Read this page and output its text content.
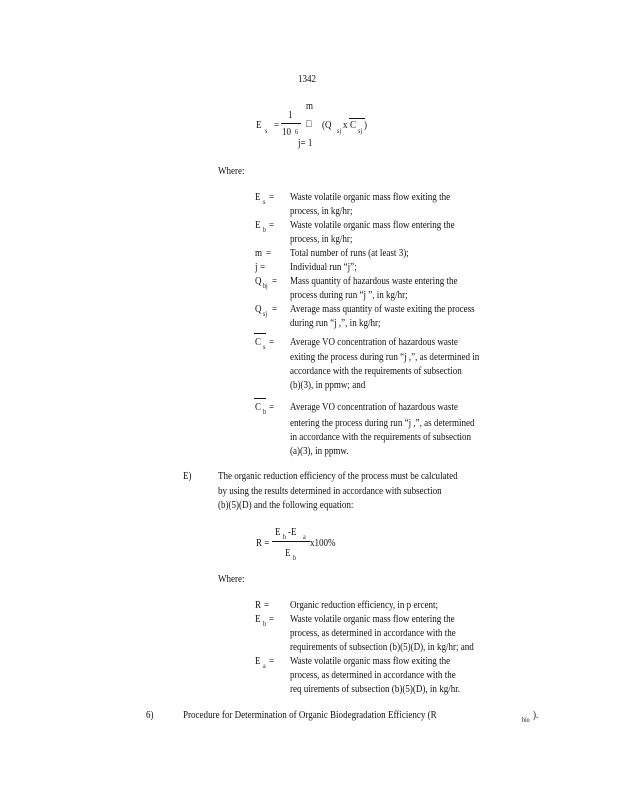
1342
m
E s =
1
10 6
□ (Q sj x C sj )
j= 1
Where:
E s = Waste volatile organic mass flow exiting the
process, in kg/hr;
E b = Waste volatile organic mass flow entering the
process, in kg/hr;
m = Total number of runs (at least 3);
j = Individual run “j”;
Q bj = Mass quantity of hazardous waste entering the
process during run “j ”, in kg/hr;
Q sj = Average mass quantity of waste exiting the process
during run “j ,”, in kg/hr;
C s = Average VO concentration of hazardous waste
exiting the process during run “j ,”, as determined in
accordance with the requirements of subsection
(b)(3), in ppmw; and
C b = Average VO concentration of hazardous waste
entering the process during run “j ,”, as determined
in accordance with the requirements of subsection
(a)(3), in ppmw.
E)	The organic reduction efficiency of the process must be calculated
by using the results determined in accordance with subsection
(b)(5)(D) and the following equation:
R =
E b -E a
x100%
E b
Where:
R = Organic reduction efficiency, in p ercent;
E b = Waste volatile organic mass flow entering the
process, as determined in accordance with the
requirements of subsection (b)(5)(D), in kg/hr; and
E a = Waste volatile organic mass flow exiting the
process, as determined in accordance with the
req uirements of subsection (b)(5)(D), in kg/hr.
6)	Procedure for Determination of Organic Biodegradation Efficiency (R	bio ).
